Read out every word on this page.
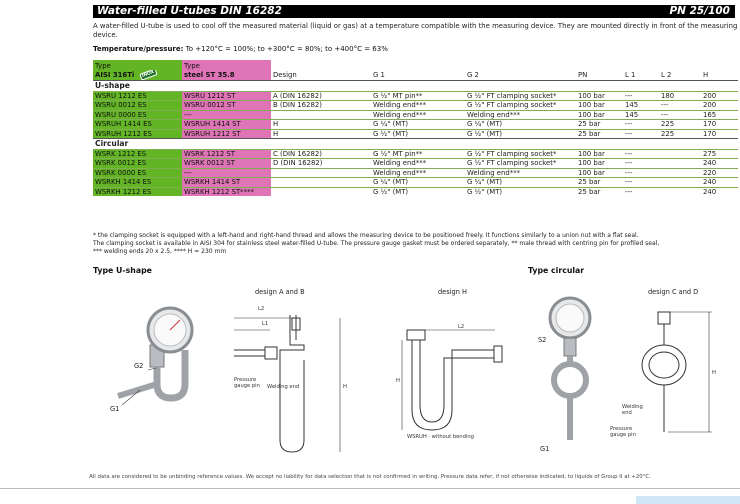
Water-filled U-tubes DIN 16282	PN 25/100
A water-filled U-tube is used to cool off the measured material (liquid or gas) at a temperature compatible with the measuring device. They are mounted directly in front of the measuring device.
Temperature/pressure: To +120°C = 100%; to +300°C = 80%; to +400°C = 63%
Type	Type							
AISI 316Ti INOX	steel ST 35.8	Design	G 1	G 2	PN	L 1	L 2	H
U-shape								
WSRU 1212 ES	WSRU 1212 ST	A (DIN 16282)	G ½" MT pin**	G ½" FT clamping socket*	100 bar	---	180	200
WSRU 0012 ES	WSRU 0012 ST	B (DIN 16282)	Welding end***	G ½" FT clamping socket*	100 bar	145	---	200
WSRU 0000 ES	---		Welding end***	Welding end***	100 bar	145	---	165
WSRUH 1414 ES	WSRUH 1414 ST	H	G ¼" (MT)	G ¼" (MT)	25 bar	---	225	170
WSRUH 1212 ES	WSRUH 1212 ST	H	G ½" (MT)	G ½" (MT)	25 bar	---	225	170
Circular								
WSRK 1212 ES	WSRK 1212 ST	C (DIN 16282)	G ½" MT pin**	G ½" FT clamping socket*	100 bar	---		275
WSRK 0012 ES	WSRK 0012 ST	D (DIN 16282)	Welding end***	G ½" FT clamping socket*	100 bar	---		240
WSRK 0000 ES	---		Welding end***	Welding end***	100 bar	---		220
WSRKH 1414 ES	WSRKH 1414 ST		G ¼" (MT)	G ¼" (MT)	25 bar	---		240
WSRKH 1212 ES	WSRKH 1212 ST****		G ½" (MT)	G ½" (MT)	25 bar	---		240
* the clamping socket is equipped with a left-hand and right-hand thread and allows the measuring device to be positioned freely. It functions similarly to a union nut with a flat seal.
The clamping socket is available in AISI 304 for stainless steel water-filled U-tube. The pressure gauge gasket must be ordered separately, ** male thread with centring pin for profiled seal,
*** welding ends 20 x 2.5, **** H = 230 mm
Type U-shape	Type circular
design A and B	design H	design C and D
G2
G1
S2
G1
L2
L1
H
L2
H
H
Pressure gauge pin	Welding end
WSRUH · without bending
Welding end
Pressure gauge pin
All data are considered to be unbinding reference values. We accept no liability for data selection that is not confirmed in writing. Pressure data refer, if not otherwise indicated, to liquids of Group II at +20°C.
